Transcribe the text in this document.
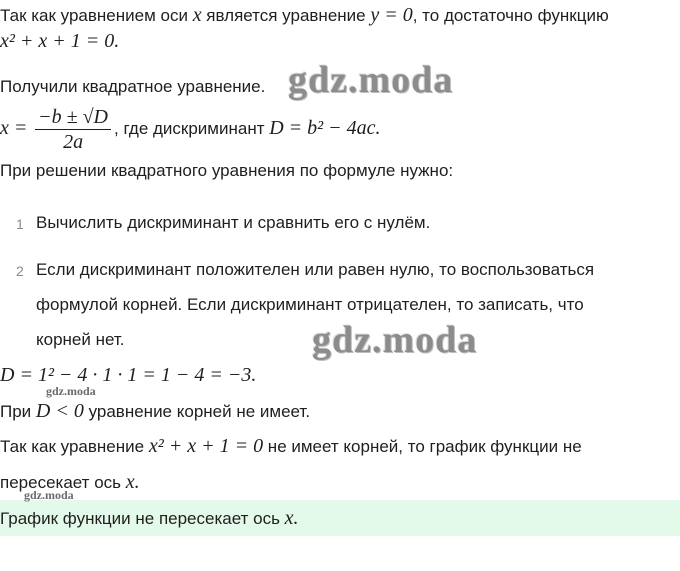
Так как уравнением оси x является уравнение y = 0, то достаточно функцию
x² + x + 1 = 0.
Получили квадратное уравнение.
$x = \frac{-b \pm √D}{2a}$ , где дискриминант D = b² − 4ac.
При решении квадратного уравнения по формуле нужно:
1 Вычислить дискриминант и сравнить его с нулём.
2 Если дискриминант положителен или равен нулю, то воспользоваться
формулой корней. Если дискриминант отрицателен, то записать, что
корней нет.
D = 1² − 4 · 1 · 1 = 1 − 4 = −3.
При D < 0 уравнение корней не имеет.
Так как уравнение x² + x + 1 = 0 не имеет корней, то график функции не
пересекает ось x.
График функции не пересекает ось x.
gdz.moda
gdz.moda
gdz.moda
gdz.moda
